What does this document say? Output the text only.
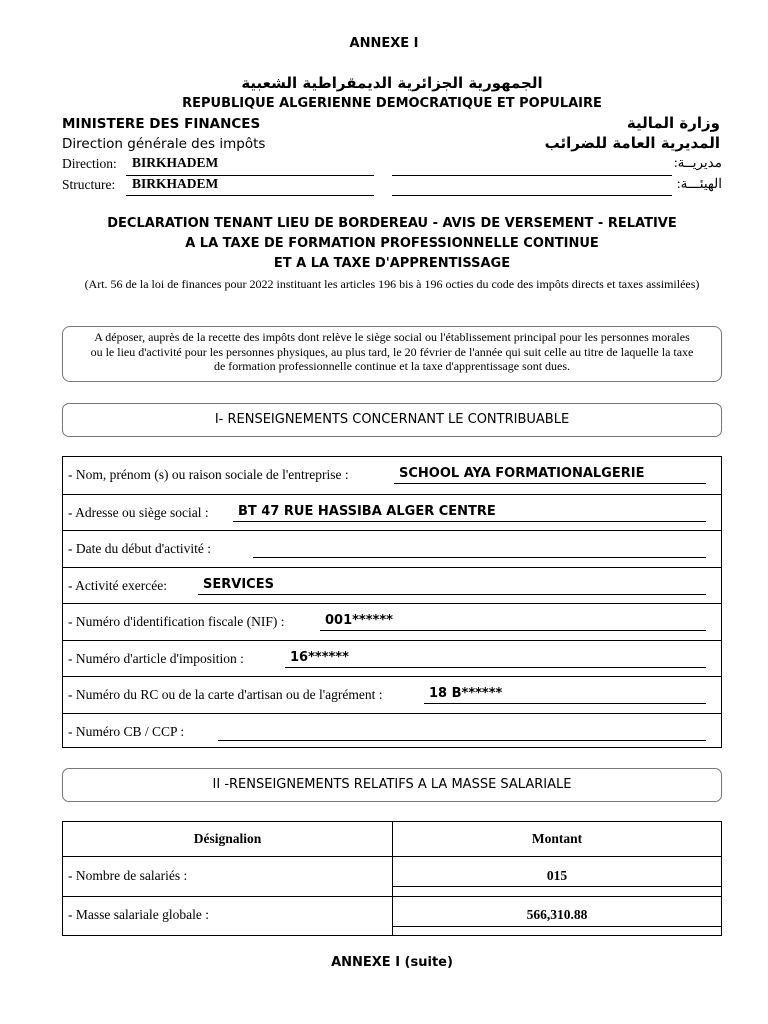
ANNEXE I
الجمهورية الجزائرية الديمقراطية الشعبية
REPUBLIQUE ALGERIENNE DEMOCRATIQUE ET POPULAIRE
MINISTERE DES FINANCES	وزارة المالية
Direction générale des impôts	المديرية العامة للضرائب
Direction: BIRKHADEM	مديريــة:
Structure: BIRKHADEM	الهيئـــة:
DECLARATION TENANT LIEU DE BORDEREAU - AVIS DE VERSEMENT - RELATIVE
A LA TAXE DE FORMATION PROFESSIONNELLE CONTINUE
ET A LA TAXE D'APPRENTISSAGE
(Art. 56 de la loi de finances pour 2022 instituant les articles 196 bis à 196 octies du code des impôts directs et taxes assimilées)
A déposer, auprès de la recette des impôts dont relève le siège social ou l'établissement principal pour les personnes morales
ou le lieu d'activité pour les personnes physiques, au plus tard, le 20 février de l'année qui suit celle au titre de laquelle la taxe
de formation professionnelle continue et la taxe d'apprentissage sont dues.
I- RENSEIGNEMENTS CONCERNANT LE CONTRIBUABLE
- Nom, prénom (s) ou raison sociale de l'entreprise :	SCHOOL AYA FORMATIONALGERIE
- Adresse ou siège social : BT 47 RUE HASSIBA ALGER CENTRE
- Date du début d'activité :
- Activité exercée:	SERVICES
- Numéro d'identification fiscale (NIF) :	001******
- Numéro d'article d'imposition :	16******
- Numéro du RC ou de la carte d'artisan ou de l'agrément :	18 B******
- Numéro CB / CCP :
II -RENSEIGNEMENTS RELATIFS A LA MASSE SALARIALE
Désignalion	Montant
- Nombre de salariés :	015
- Masse salariale globale :	566,310.88
ANNEXE I (suite)
